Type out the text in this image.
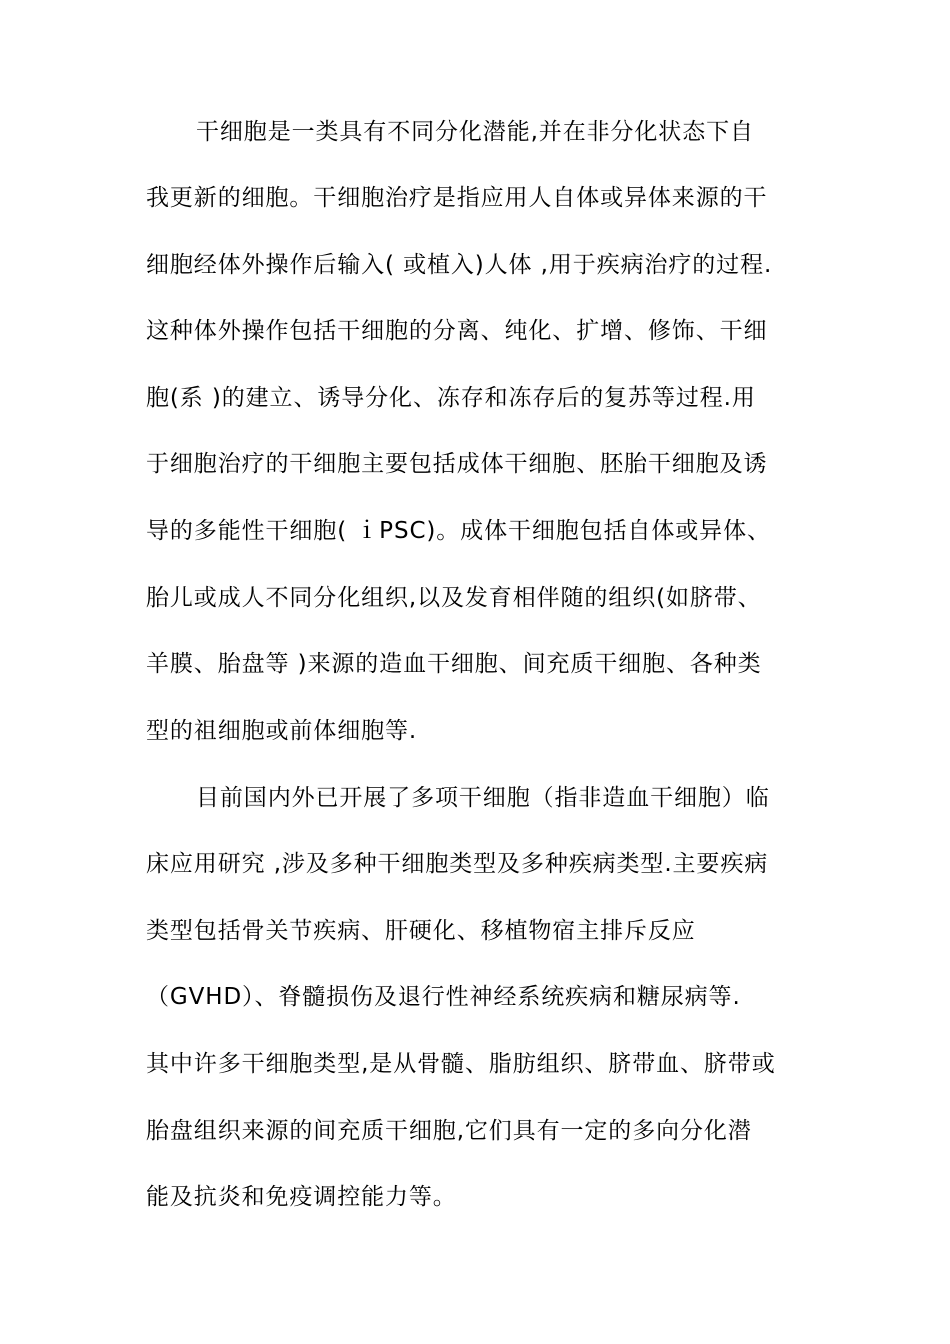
干细胞是一类具有不同分化潜能,并在非分化状态下自
我更新的细胞。干细胞治疗是指应用人自体或异体来源的干
细胞经体外操作后输入( 或植入)人体 ,用于疾病治疗的过程.
这种体外操作包括干细胞的分离、纯化、扩增、修饰、干细
胞(系 )的建立、诱导分化、冻存和冻存后的复苏等过程.用
于细胞治疗的干细胞主要包括成体干细胞、胚胎干细胞及诱
导的多能性干细胞( ｉPSC)。成体干细胞包括自体或异体、
胎儿或成人不同分化组织,以及发育相伴随的组织(如脐带、
羊膜、胎盘等 )来源的造血干细胞、间充质干细胞、各种类
型的祖细胞或前体细胞等.
目前国内外已开展了多项干细胞（指非造血干细胞）临
床应用研究 ,涉及多种干细胞类型及多种疾病类型.主要疾病
类型包括骨关节疾病、肝硬化、移植物宿主排斥反应
（GVHD）、脊髓损伤及退行性神经系统疾病和糖尿病等.
其中许多干细胞类型,是从骨髓、脂肪组织、脐带血、脐带或
胎盘组织来源的间充质干细胞,它们具有一定的多向分化潜
能及抗炎和免疫调控能力等。
